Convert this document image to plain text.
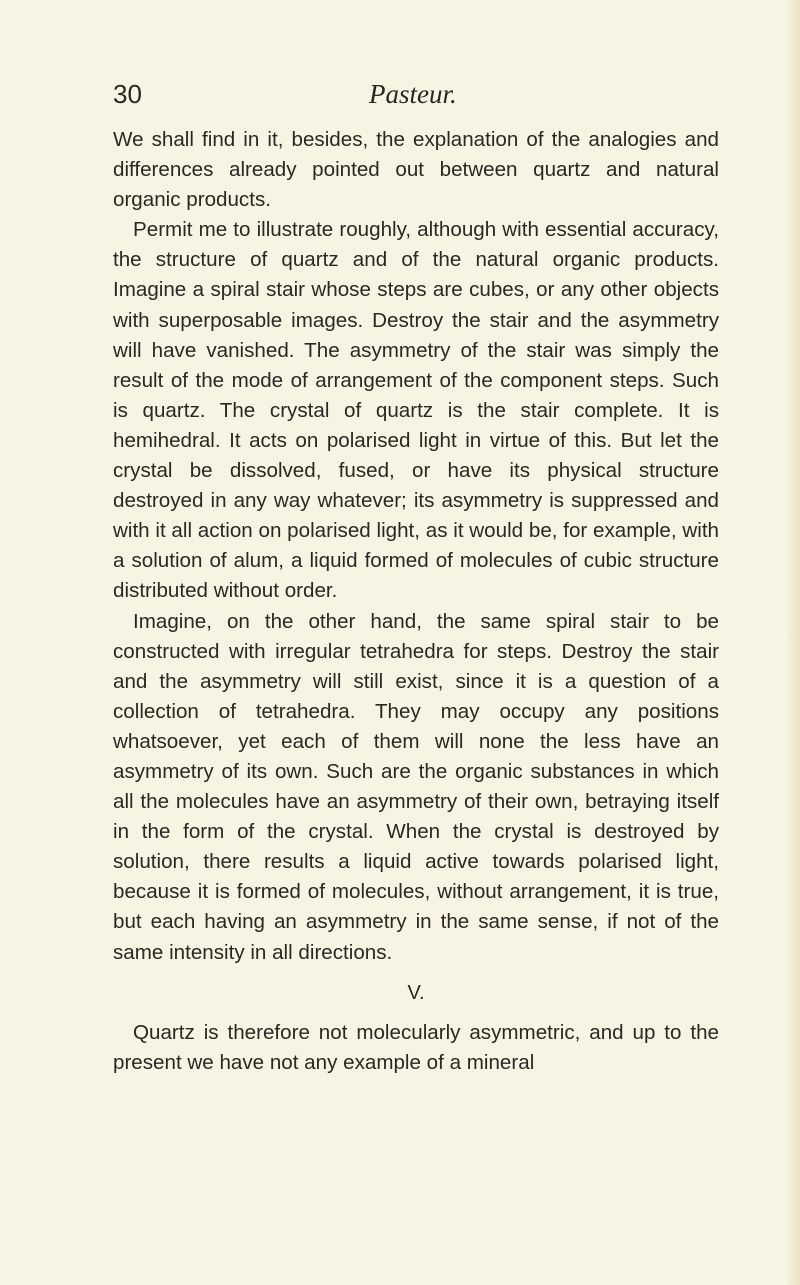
30	Pasteur.

We shall find in it, besides, the explanation of the analogies and differences already pointed out between quartz and natural organic products.

Permit me to illustrate roughly, although with essential accuracy, the structure of quartz and of the natural organic products. Imagine a spiral stair whose steps are cubes, or any other objects with superposable images. Destroy the stair and the asymmetry will have vanished. The asymmetry of the stair was simply the result of the mode of arrangement of the component steps. Such is quartz. The crystal of quartz is the stair complete. It is hemihedral. It acts on polarised light in virtue of this. But let the crystal be dissolved, fused, or have its physical structure destroyed in any way whatever; its asymmetry is suppressed and with it all action on polarised light, as it would be, for example, with a solution of alum, a liquid formed of molecules of cubic structure distributed without order.

Imagine, on the other hand, the same spiral stair to be constructed with irregular tetrahedra for steps. Destroy the stair and the asymmetry will still exist, since it is a question of a collection of tetrahedra. They may occupy any positions whatsoever, yet each of them will none the less have an asymmetry of its own. Such are the organic substances in which all the molecules have an asymmetry of their own, betraying itself in the form of the crystal. When the crystal is destroyed by solution, there results a liquid active towards polarised light, because it is formed of molecules, without arrangement, it is true, but each having an asymmetry in the same sense, if not of the same intensity in all directions.

V.

Quartz is therefore not molecularly asymmetric, and up to the present we have not any example of a mineral
